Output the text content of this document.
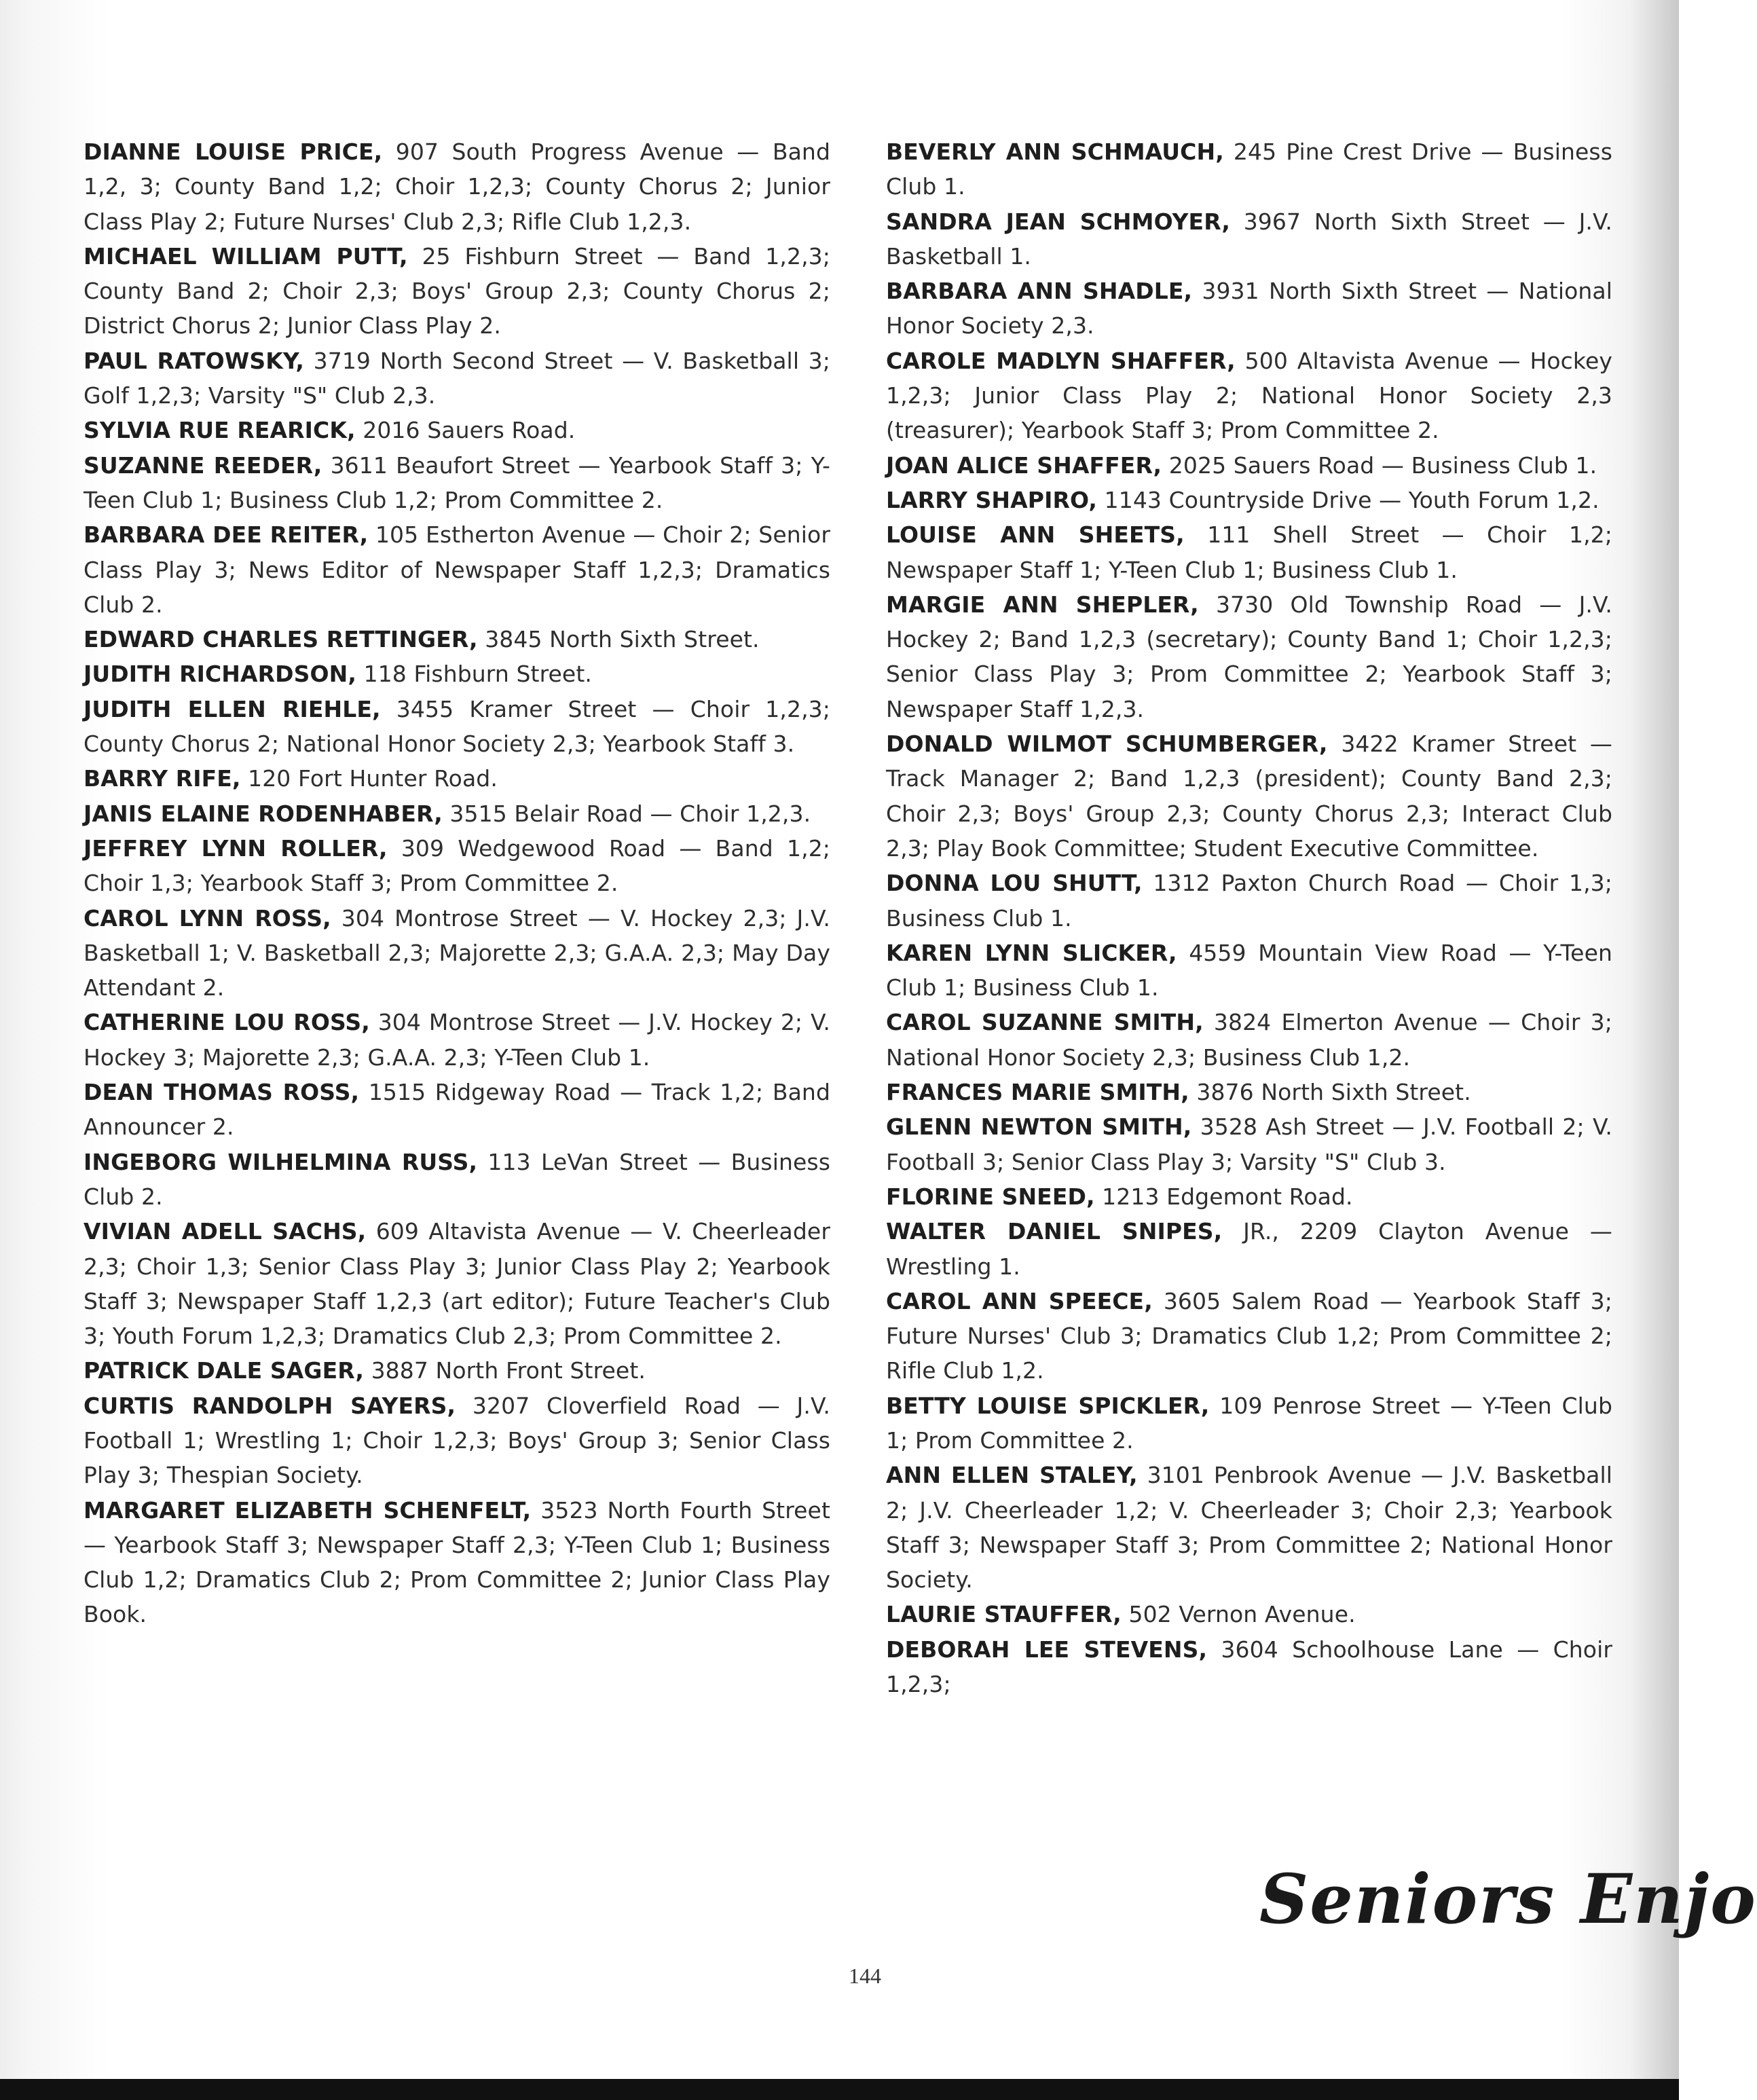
DIANNE LOUISE PRICE, 907 South Progress Avenue — Band 1,2, 3; County Band 1,2; Choir 1,2,3; County Chorus 2; Junior Class Play 2; Future Nurses' Club 2,3; Rifle Club 1,2,3.

MICHAEL WILLIAM PUTT, 25 Fishburn Street — Band 1,2,3; County Band 2; Choir 2,3; Boys' Group 2,3; County Chorus 2; District Chorus 2; Junior Class Play 2.

PAUL RATOWSKY, 3719 North Second Street — V. Basketball 3; Golf 1,2,3; Varsity "S" Club 2,3.

SYLVIA RUE REARICK, 2016 Sauers Road.

SUZANNE REEDER, 3611 Beaufort Street — Yearbook Staff 3; Y-Teen Club 1; Business Club 1,2; Prom Committee 2.

BARBARA DEE REITER, 105 Estherton Avenue — Choir 2; Senior Class Play 3; News Editor of Newspaper Staff 1,2,3; Dramatics Club 2.

EDWARD CHARLES RETTINGER, 3845 North Sixth Street.

JUDITH RICHARDSON, 118 Fishburn Street.

JUDITH ELLEN RIEHLE, 3455 Kramer Street — Choir 1,2,3; County Chorus 2; National Honor Society 2,3; Yearbook Staff 3.

BARRY RIFE, 120 Fort Hunter Road.

JANIS ELAINE RODENHABER, 3515 Belair Road — Choir 1,2,3.

JEFFREY LYNN ROLLER, 309 Wedgewood Road — Band 1,2; Choir 1,3; Yearbook Staff 3; Prom Committee 2.

CAROL LYNN ROSS, 304 Montrose Street — V. Hockey 2,3; J.V. Basketball 1; V. Basketball 2,3; Majorette 2,3; G.A.A. 2,3; May Day Attendant 2.

CATHERINE LOU ROSS, 304 Montrose Street — J.V. Hockey 2; V. Hockey 3; Majorette 2,3; G.A.A. 2,3; Y-Teen Club 1.

DEAN THOMAS ROSS, 1515 Ridgeway Road — Track 1,2; Band Announcer 2.

INGEBORG WILHELMINA RUSS, 113 LeVan Street — Business Club 2.

VIVIAN ADELL SACHS, 609 Altavista Avenue — V. Cheerleader 2,3; Choir 1,3; Senior Class Play 3; Junior Class Play 2; Yearbook Staff 3; Newspaper Staff 1,2,3 (art editor); Future Teacher's Club 3; Youth Forum 1,2,3; Dramatics Club 2,3; Prom Committee 2.

PATRICK DALE SAGER, 3887 North Front Street.

CURTIS RANDOLPH SAYERS, 3207 Cloverfield Road — J.V. Football 1; Wrestling 1; Choir 1,2,3; Boys' Group 3; Senior Class Play 3; Thespian Society.

MARGARET ELIZABETH SCHENFELT, 3523 North Fourth Street — Yearbook Staff 3; Newspaper Staff 2,3; Y-Teen Club 1; Business Club 1,2; Dramatics Club 2; Prom Committee 2; Junior Class Play Book.

BEVERLY ANN SCHMAUCH, 245 Pine Crest Drive — Business Club 1.

SANDRA JEAN SCHMOYER, 3967 North Sixth Street — J.V. Basketball 1.

BARBARA ANN SHADLE, 3931 North Sixth Street — National Honor Society 2,3.

CAROLE MADLYN SHAFFER, 500 Altavista Avenue — Hockey 1,2,3; Junior Class Play 2; National Honor Society 2,3 (treasurer); Yearbook Staff 3; Prom Committee 2.

JOAN ALICE SHAFFER, 2025 Sauers Road — Business Club 1.

LARRY SHAPIRO, 1143 Countryside Drive — Youth Forum 1,2.

LOUISE ANN SHEETS, 111 Shell Street — Choir 1,2; Newspaper Staff 1; Y-Teen Club 1; Business Club 1.

MARGIE ANN SHEPLER, 3730 Old Township Road — J.V. Hockey 2; Band 1,2,3 (secretary); County Band 1; Choir 1,2,3; Senior Class Play 3; Prom Committee 2; Yearbook Staff 3; Newspaper Staff 1,2,3.

DONALD WILMOT SCHUMBERGER, 3422 Kramer Street — Track Manager 2; Band 1,2,3 (president); County Band 2,3; Choir 2,3; Boys' Group 2,3; County Chorus 2,3; Interact Club 2,3; Play Book Committee; Student Executive Committee.

DONNA LOU SHUTT, 1312 Paxton Church Road — Choir 1,3; Business Club 1.

KAREN LYNN SLICKER, 4559 Mountain View Road — Y-Teen Club 1; Business Club 1.

CAROL SUZANNE SMITH, 3824 Elmerton Avenue — Choir 3; National Honor Society 2,3; Business Club 1,2.

FRANCES MARIE SMITH, 3876 North Sixth Street.

GLENN NEWTON SMITH, 3528 Ash Street — J.V. Football 2; V. Football 3; Senior Class Play 3; Varsity "S" Club 3.

FLORINE SNEED, 1213 Edgemont Road.

WALTER DANIEL SNIPES, JR., 2209 Clayton Avenue — Wrestling 1.

CAROL ANN SPEECE, 3605 Salem Road — Yearbook Staff 3; Future Nurses' Club 3; Dramatics Club 1,2; Prom Committee 2; Rifle Club 1,2.

BETTY LOUISE SPICKLER, 109 Penrose Street — Y-Teen Club 1; Prom Committee 2.

ANN ELLEN STALEY, 3101 Penbrook Avenue — J.V. Basketball 2; J.V. Cheerleader 1,2; V. Cheerleader 3; Choir 2,3; Yearbook Staff 3; Newspaper Staff 3; Prom Committee 2; National Honor Society.

LAURIE STAUFFER, 502 Vernon Avenue.

DEBORAH LEE STEVENS, 3604 Schoolhouse Lane — Choir 1,2,3;

144
Seniors Enjo
